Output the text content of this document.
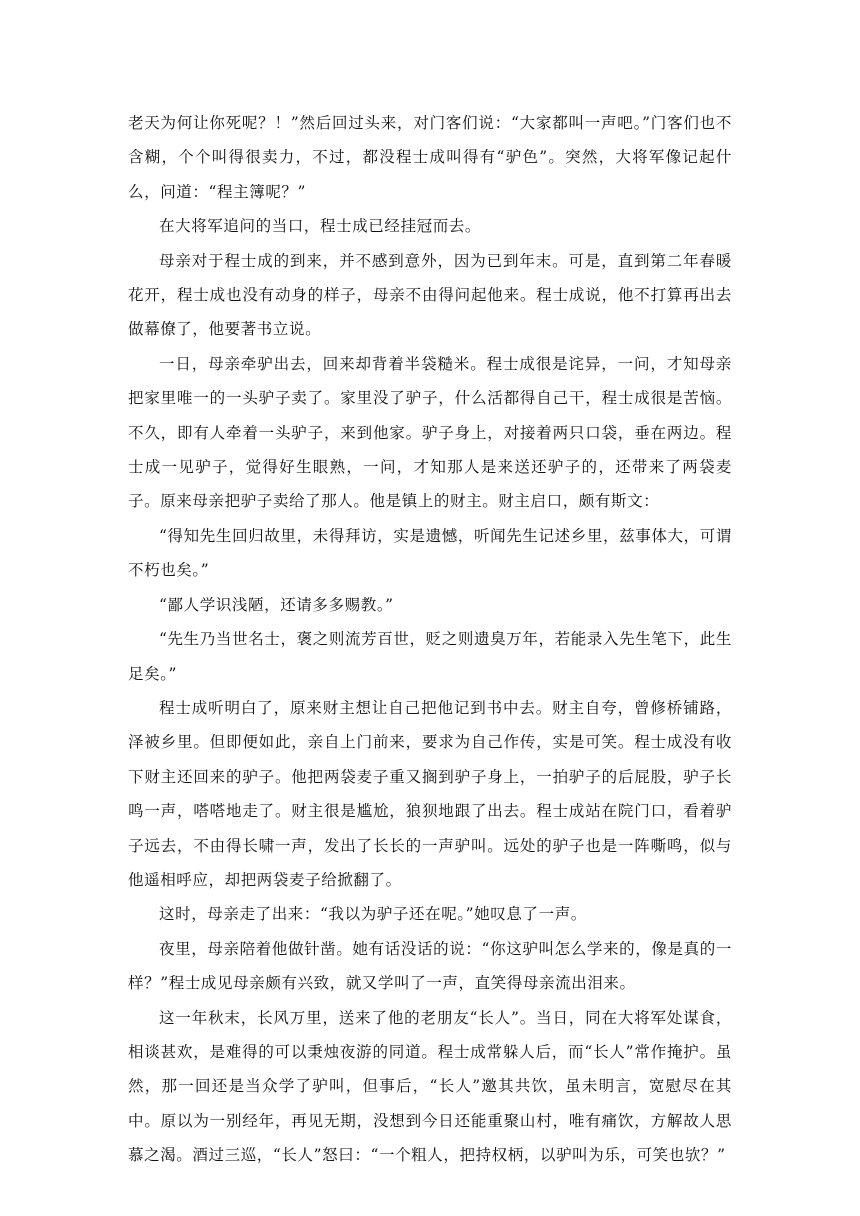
老天为何让你死呢？！”然后回过头来，对门客们说：“大家都叫一声吧。”门客们也不含糊，个个叫得很卖力，不过，都没程士成叫得有“驴色”。突然，大将军像记起什么，问道：“程主簿呢？”

在大将军追问的当口，程士成已经挂冠而去。

母亲对于程士成的到来，并不感到意外，因为已到年末。可是，直到第二年春暖花开，程士成也没有动身的样子，母亲不由得问起他来。程士成说，他不打算再出去做幕僚了，他要著书立说。

一日，母亲牵驴出去，回来却背着半袋糙米。程士成很是诧异，一问，才知母亲把家里唯一的一头驴子卖了。家里没了驴子，什么活都得自己干，程士成很是苦恼。不久，即有人牵着一头驴子，来到他家。驴子身上，对接着两只口袋，垂在两边。程士成一见驴子，觉得好生眼熟，一问，才知那人是来送还驴子的，还带来了两袋麦子。原来母亲把驴子卖给了那人。他是镇上的财主。财主启口，颇有斯文：

“得知先生回归故里，未得拜访，实是遗憾，听闻先生记述乡里，兹事体大，可谓不朽也矣。”

“鄙人学识浅陋，还请多多赐教。”

“先生乃当世名士，褒之则流芳百世，贬之则遗臭万年，若能录入先生笔下，此生足矣。”

程士成听明白了，原来财主想让自己把他记到书中去。财主自夸，曾修桥铺路，泽被乡里。但即便如此，亲自上门前来，要求为自己作传，实是可笑。程士成没有收下财主还回来的驴子。他把两袋麦子重又搁到驴子身上，一拍驴子的后屁股，驴子长鸣一声，嗒嗒地走了。财主很是尴尬，狼狈地跟了出去。程士成站在院门口，看着驴子远去，不由得长啸一声，发出了长长的一声驴叫。远处的驴子也是一阵嘶鸣，似与他遥相呼应，却把两袋麦子给掀翻了。

这时，母亲走了出来：“我以为驴子还在呢。”她叹息了一声。

夜里，母亲陪着他做针凿。她有话没话的说：“你这驴叫怎么学来的，像是真的一样？”程士成见母亲颇有兴致，就又学叫了一声，直笑得母亲流出泪来。

这一年秋末，长风万里，送来了他的老朋友“长人”。当日，同在大将军处谋食，相谈甚欢，是难得的可以秉烛夜游的同道。程士成常躲人后，而“长人”常作掩护。虽然，那一回还是当众学了驴叫，但事后，“长人”邀其共饮，虽未明言，宽慰尽在其中。原以为一别经年，再见无期，没想到今日还能重聚山村，唯有痛饮，方解故人思慕之渴。酒过三巡，“长人”怒曰：“一个粗人，把持权柄，以驴叫为乐，可笑也欤？”
